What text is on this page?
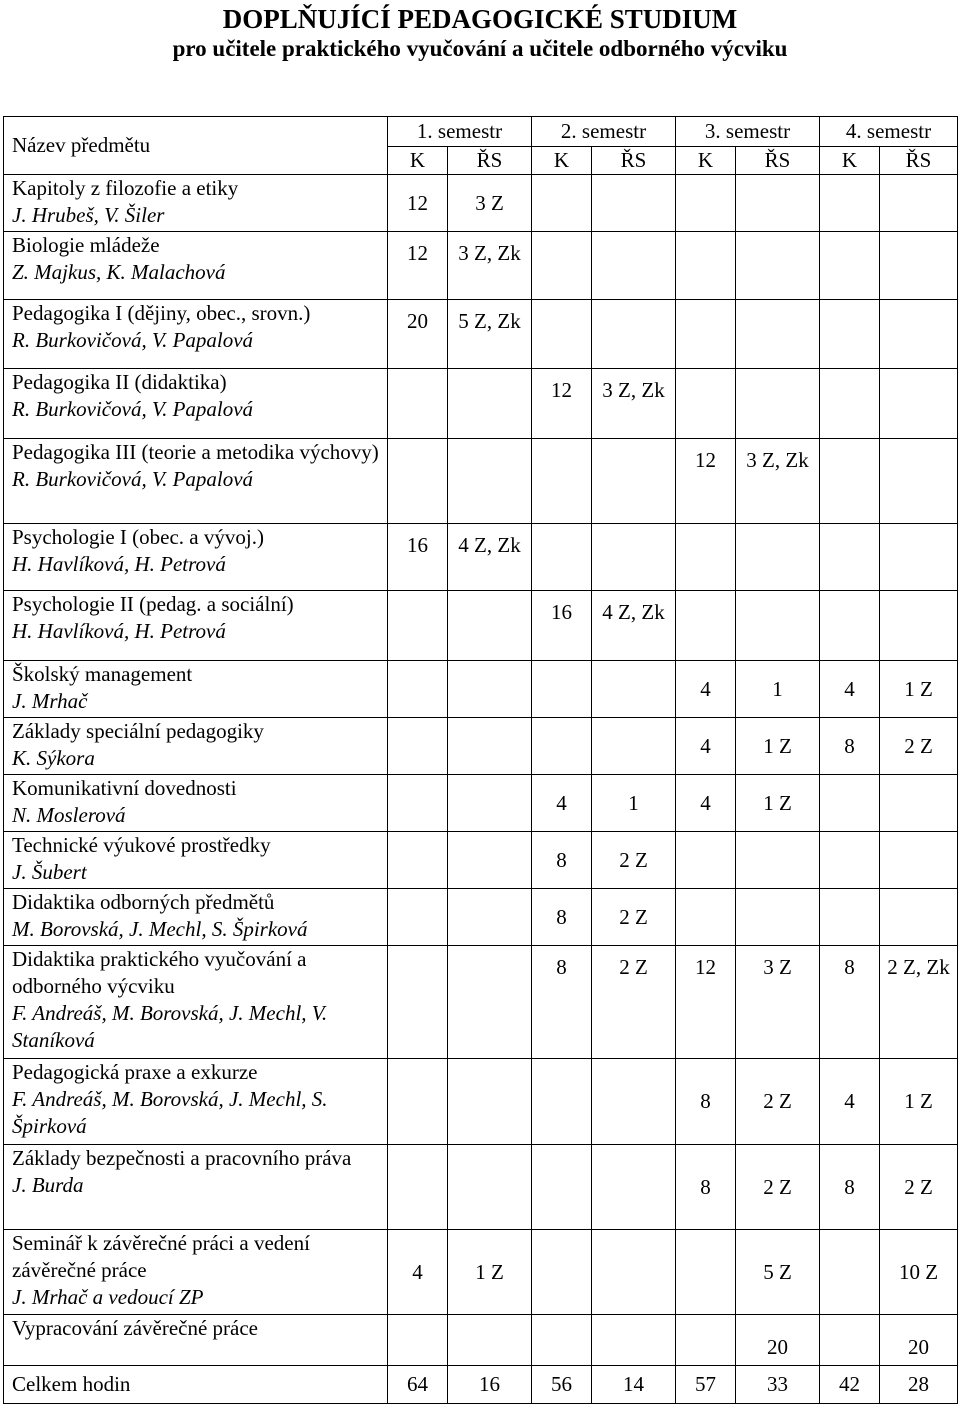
DOPLŇUJÍCÍ PEDAGOGICKÉ STUDIUM
pro učitele praktického vyučování a učitele odborného výcviku
Název předmětu	1. semestr		2. semestr		3. semestr		4. semestr	
	K	ŘS	K	ŘS	K	ŘS	K	ŘS

Kapitoly z filozofie a etiky
J. Hrubeš, V. Šiler	12	3 Z						

Biologie mládeže
Z. Majkus, K. Malachová	12	3 Z, Zk						

Pedagogika I (dějiny, obec., srovn.)
R. Burkovičová, V. Papalová	20	5 Z, Zk						

Pedagogika II (didaktika)
R. Burkovičová, V. Papalová			12	3 Z, Zk				

Pedagogika III (teorie a metodika výchovy)
R. Burkovičová, V. Papalová					12	3 Z, Zk		

Psychologie I (obec. a vývoj.)
H. Havlíková, H. Petrová	16	4 Z, Zk						

Psychologie II (pedag. a sociální)
H. Havlíková, H. Petrová			16	4 Z, Zk				

Školský management
J. Mrhač					4	1	4	1 Z

Základy speciální pedagogiky
K. Sýkora					4	1 Z	8	2 Z

Komunikativní dovednosti
N. Moslerová			4	1	4	1 Z		

Technické výukové prostředky
J. Šubert			8	2 Z				

Didaktika odborných předmětů
M. Borovská, J. Mechl, S. Špirková			8	2 Z				

Didaktika praktického vyučování a odborného výcviku
F. Andreáš, M. Borovská, J. Mechl, V. Staníková			8	2 Z	12	3 Z	8	2 Z, Zk

Pedagogická praxe a exkurze
F. Andreáš, M. Borovská, J. Mechl, S. Špirková					8	2 Z	4	1 Z

Základy bezpečnosti a pracovního práva
J. Burda					8	2 Z	8	2 Z

Seminář k závěrečné práci a vedení závěrečné práce
J. Mrhač a vedoucí ZP	4	1 Z				5 Z		10 Z

Vypracování závěrečné práce						20		20
Celkem hodin	64	16	56	14	57	33	42	28
